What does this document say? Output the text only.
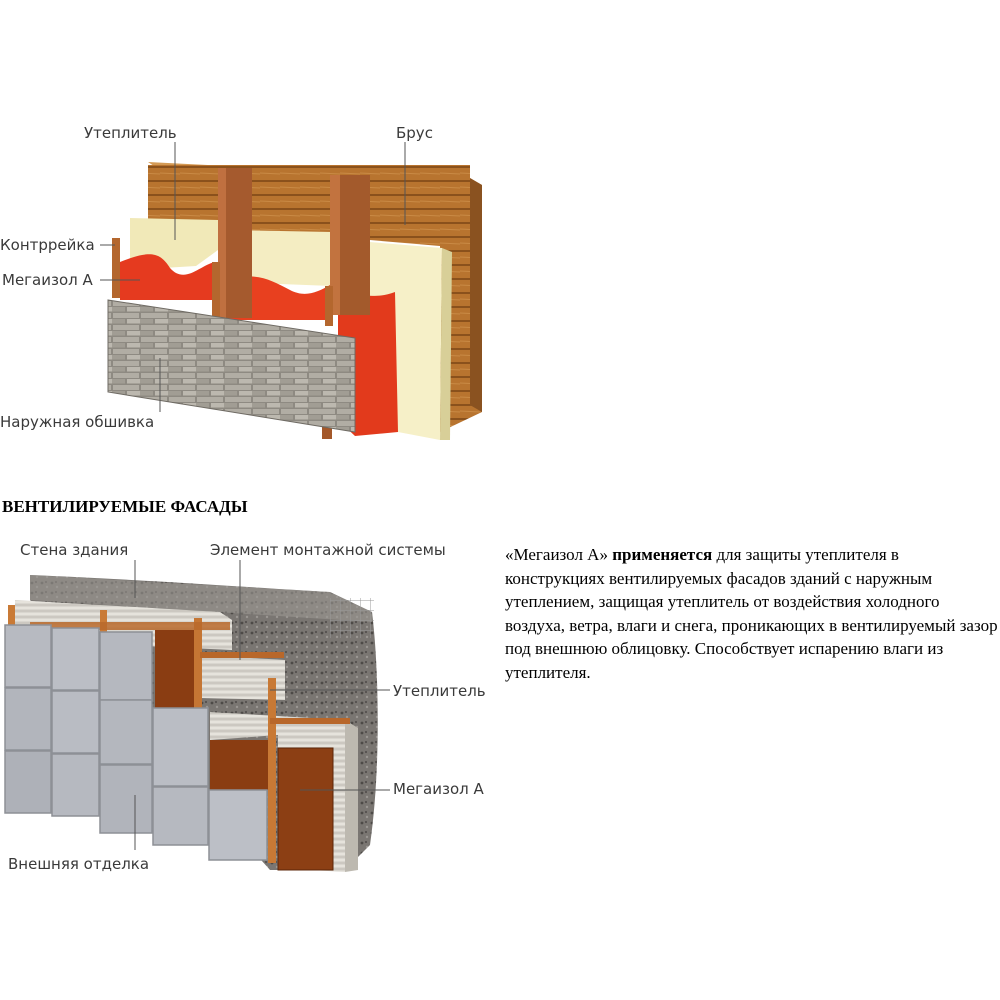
Утеплитель	Брус
Контррейка
Мегаизол А
Наружная обшивка
ВЕНТИЛИРУЕМЫЕ ФАСАДЫ
Стена здания	Элемент монтажной системы
Утеплитель
Мегаизол А
Внешняя отделка
«Мегаизол А» применяется для защиты утеплителя в конструкциях вентилируемых фасадов зданий с наружным утеплением, защищая утеплитель от воздействия холодного воздуха, ветра, влаги и снега, проникающих в вентилируемый зазор под внешнюю облицовку. Способствует испарению влаги из утеплителя.
